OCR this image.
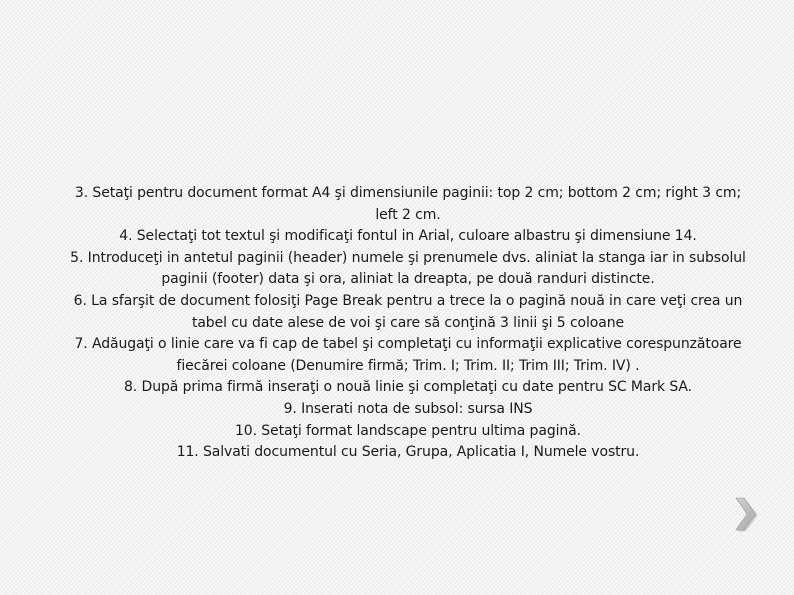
3. Setaţi pentru document format A4 şi dimensiunile paginii: top 2 cm; bottom 2 cm; right 3 cm;
left 2 cm.
4. Selectaţi tot textul şi modificaţi fontul in Arial, culoare albastru şi dimensiune 14.
5. Introduceţi in antetul paginii (header) numele şi prenumele dvs. aliniat la stanga iar in subsolul
paginii (footer) data şi ora, aliniat la dreapta, pe două randuri distincte.
6. La sfarşit de document folosiţi Page Break pentru a trece la o pagină nouă in care veţi crea un
tabel cu date alese de voi şi care să conţină 3 linii şi 5 coloane
7. Adăugaţi o linie care va fi cap de tabel şi completaţi cu informaţii explicative corespunzătoare
fiecărei coloane (Denumire firmă; Trim. I; Trim. II; Trim III; Trim. IV) .
8. După prima firmă inseraţi o nouă linie şi completaţi cu date pentru SC Mark SA.
9. Inserati nota de subsol: sursa INS
10. Setaţi format landscape pentru ultima pagină.
11. Salvati documentul cu Seria, Grupa, Aplicatia I, Numele vostru.
